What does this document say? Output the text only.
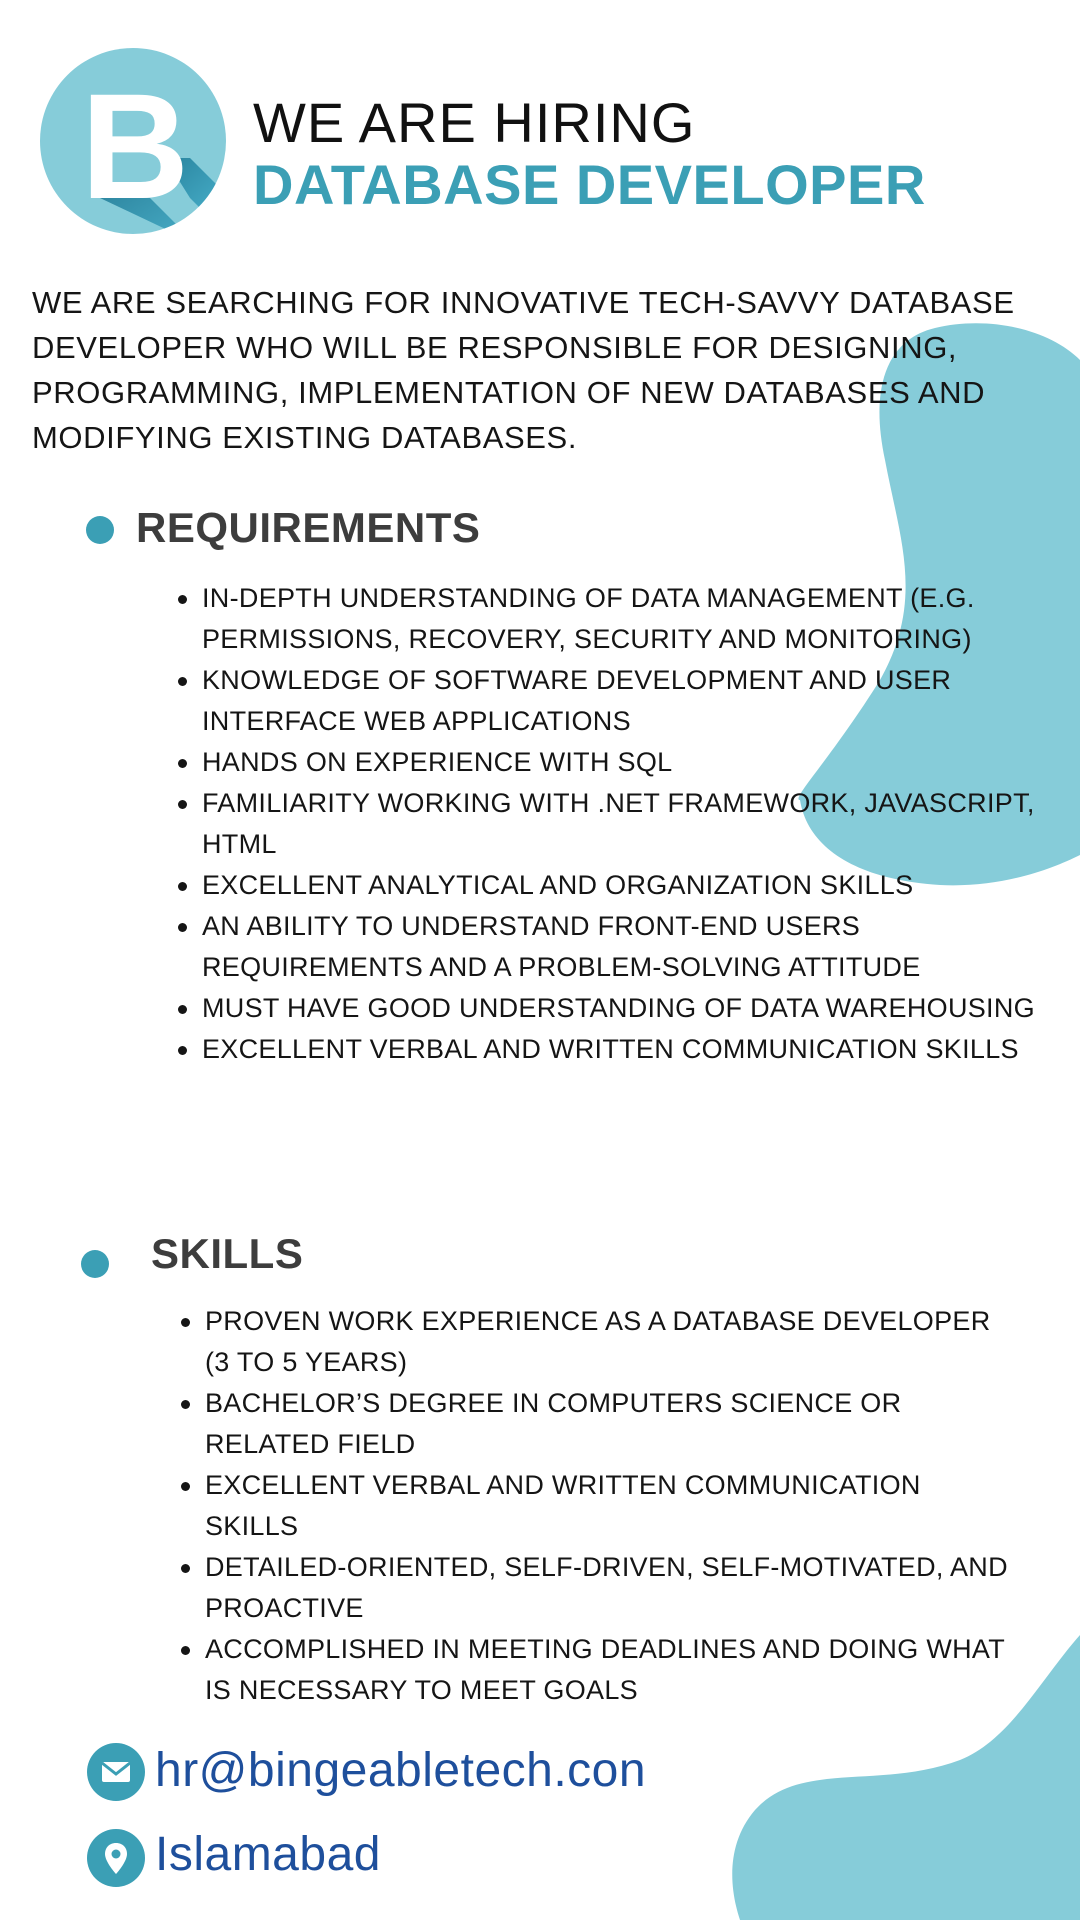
B WE ARE HIRING
DATABASE DEVELOPER
WE ARE SEARCHING FOR INNOVATIVE TECH-SAVVY DATABASE DEVELOPER WHO WILL BE RESPONSIBLE FOR DESIGNING, PROGRAMMING, IMPLEMENTATION OF NEW DATABASES AND MODIFYING EXISTING DATABASES.
REQUIREMENTS
IN-DEPTH UNDERSTANDING OF DATA MANAGEMENT (E.G. PERMISSIONS, RECOVERY, SECURITY AND MONITORING)
KNOWLEDGE OF SOFTWARE DEVELOPMENT AND USER INTERFACE WEB APPLICATIONS
HANDS ON EXPERIENCE WITH SQL
FAMILIARITY WORKING WITH .NET FRAMEWORK, JAVASCRIPT, HTML
EXCELLENT ANALYTICAL AND ORGANIZATION SKILLS
AN ABILITY TO UNDERSTAND FRONT-END USERS REQUIREMENTS AND A PROBLEM-SOLVING ATTITUDE
MUST HAVE GOOD UNDERSTANDING OF DATA WAREHOUSING
EXCELLENT VERBAL AND WRITTEN COMMUNICATION SKILLS
SKILLS
PROVEN WORK EXPERIENCE AS A DATABASE DEVELOPER (3 TO 5 YEARS)
BACHELOR’S DEGREE IN COMPUTERS SCIENCE OR RELATED FIELD
EXCELLENT VERBAL AND WRITTEN COMMUNICATION SKILLS
DETAILED-ORIENTED, SELF-DRIVEN, SELF-MOTIVATED, AND PROACTIVE
ACCOMPLISHED IN MEETING DEADLINES AND DOING WHAT IS NECESSARY TO MEET GOALS
hr@bingeabletech.con
Islamabad
